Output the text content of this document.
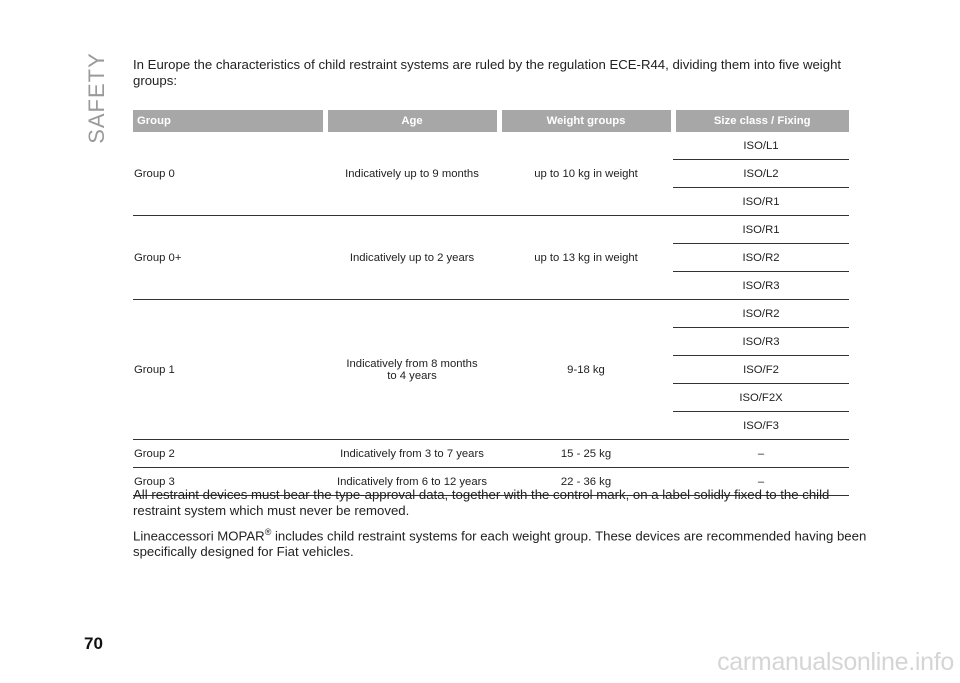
SAFETY In Europe the characteristics of child restraint systems are ruled by the regulation ECE-R44, dividing them into five weight groups:
Group	Age	Weight groups	Size class / Fixing
Group 0	Indicatively up to 9 months	up to 10 kg in weight	ISO/L1
			ISO/L2
			ISO/R1
Group 0+	Indicatively up to 2 years	up to 13 kg in weight	ISO/R1
			ISO/R2
			ISO/R3
Group 1	Indicatively from 8 months to 4 years	9-18 kg	ISO/R2
			ISO/R3
			ISO/F2
			ISO/F2X
			ISO/F3
Group 2	Indicatively from 3 to 7 years	15 - 25 kg	–
Group 3	Indicatively from 6 to 12 years	22 - 36 kg	–

All restraint devices must bear the type-approval data, together with the control mark, on a label solidly fixed to the child restraint system which must never be removed.

Lineaccessori MOPAR® includes child restraint systems for each weight group. These devices are recommended having been specifically designed for Fiat vehicles.

70
carmanualsonline.info
